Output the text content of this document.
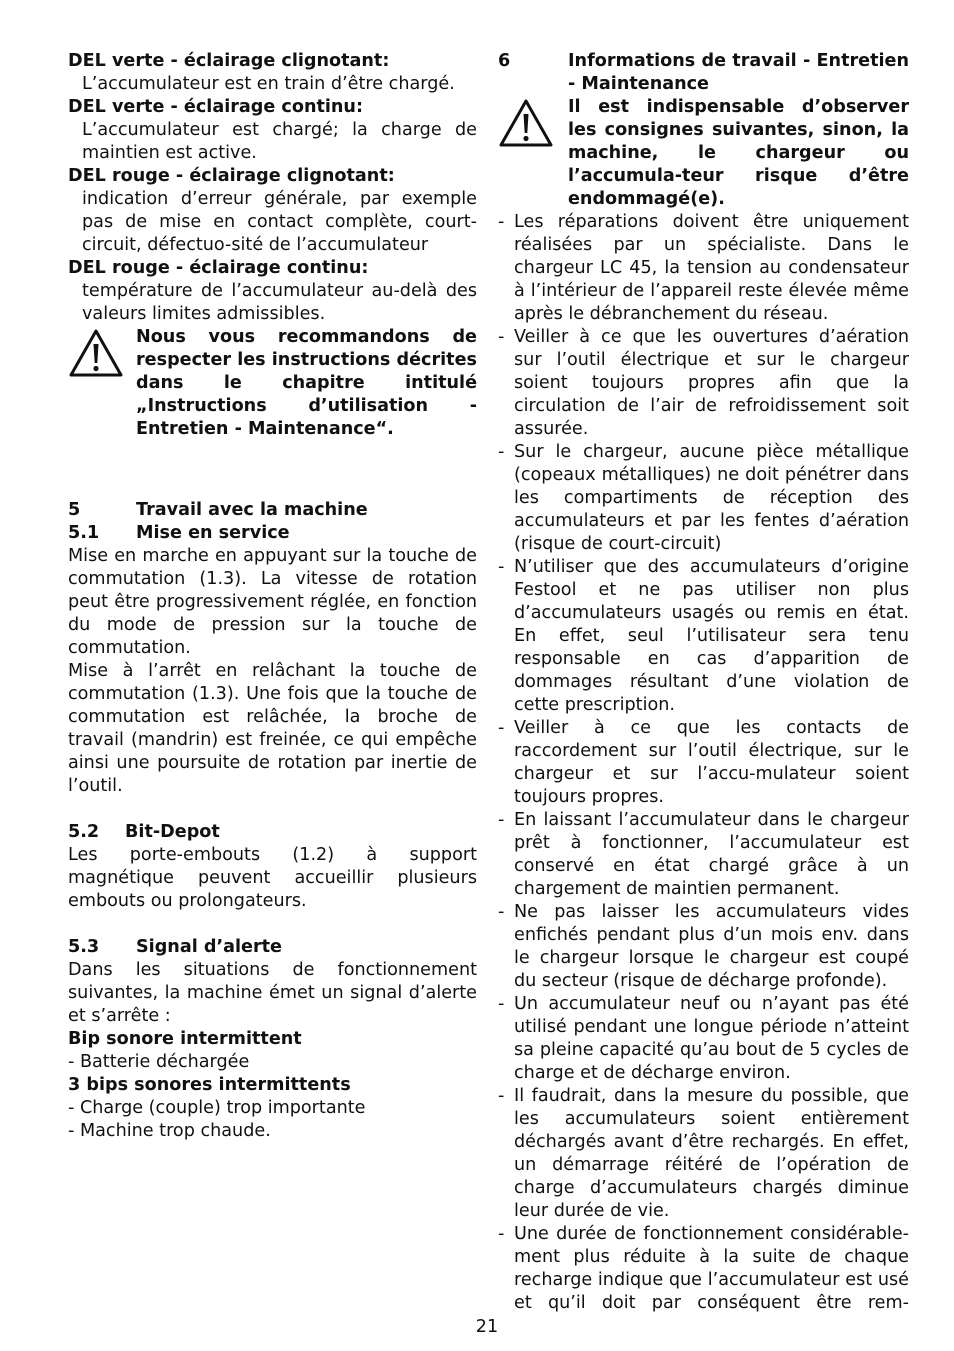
DEL verte - éclairage clignotant:

L’accumulateur est en train d’être chargé.

DEL verte - éclairage continu:

L’accumulateur est chargé; la charge de maintien est active.

DEL rouge - éclairage clignotant:

indication d’erreur générale, par exemple pas de mise en contact complète, court-circuit, défectuo-sité de l’accumulateur

DEL rouge - éclairage continu:

température de l’accumulateur au-delà des valeurs limites admissibles.

Nous vous recommandons de respecter les instructions décrites dans le chapitre intitulé „Instructions d’utilisation - Entretien - Maintenance“.

5	Travail avec la machine
5.1	Mise en service

Mise en marche en appuyant sur la touche de commutation (1.3). La vitesse de rotation peut être progressivement réglée, en fonction du mode de pression sur la touche de commutation.

Mise à l’arrêt en relâchant la touche de commutation (1.3). Une fois que la touche de commutation est relâchée, la broche de travail (mandrin) est freinée, ce qui empêche ainsi une poursuite de rotation par inertie de l’outil.

5.2	Bit-Depot

Les porte-embouts (1.2) à support magnétique peuvent accueillir plusieurs embouts ou prolongateurs.

5.3	Signal d’alerte

Dans les situations de fonctionnement suivantes, la machine émet un signal d’alerte et s’arrête :

Bip sonore intermittent

- Batterie déchargée

3 bips sonores intermittents

- Charge (couple) trop importante

- Machine trop chaude.

6	Informations de travail - Entretien - Maintenance

Il est indispensable d’observer les consignes suivantes, sinon, la machine, le chargeur ou l’accumula-teur risque d’être endommagé(e).

- Les réparations doivent être uniquement réalisées par un spécialiste. Dans le chargeur LC 45, la tension au condensateur à l’intérieur de l’appareil reste élevée même après le débranchement du réseau.
- Veiller à ce que les ouvertures d’aération sur l’outil électrique et sur le chargeur soient toujours propres afin que la circulation de l’air de refroidissement soit assurée.
- Sur le chargeur, aucune pièce métallique (copeaux métalliques) ne doit pénétrer dans les compartiments de réception des accumulateurs et par les fentes d’aération (risque de court-circuit)
- N’utiliser que des accumulateurs d’origine Festool et ne pas utiliser non plus d’accumulateurs usagés ou remis en état. En effet, seul l’utilisateur sera tenu responsable en cas d’apparition de dommages résultant d’une violation de cette prescription.
- Veiller à ce que les contacts de raccordement sur l’outil électrique, sur le chargeur et sur l’accu-mulateur soient toujours propres.
- En laissant l’accumulateur dans le chargeur prêt à fonctionner, l’accumulateur est conservé en état chargé grâce à un chargement de maintien permanent.
- Ne pas laisser les accumulateurs vides enfichés pendant plus d’un mois env. dans le chargeur lorsque le chargeur est coupé du secteur (risque de décharge profonde).
- Un accumulateur neuf ou n’ayant pas été utilisé pendant une longue période n’atteint sa pleine capacité qu’au bout de 5 cycles de charge et de décharge environ.
- Il faudrait, dans la mesure du possible, que les accumulateurs soient entièrement déchargés avant d’être rechargés. En effet, un démarrage réitéré de l’opération de charge d’accumulateurs chargés diminue leur durée de vie.
- Une durée de fonctionnement considérable-ment plus réduite à la suite de chaque recharge indique que l’accumulateur est usé et qu’il doit par conséquent être rem-
21
